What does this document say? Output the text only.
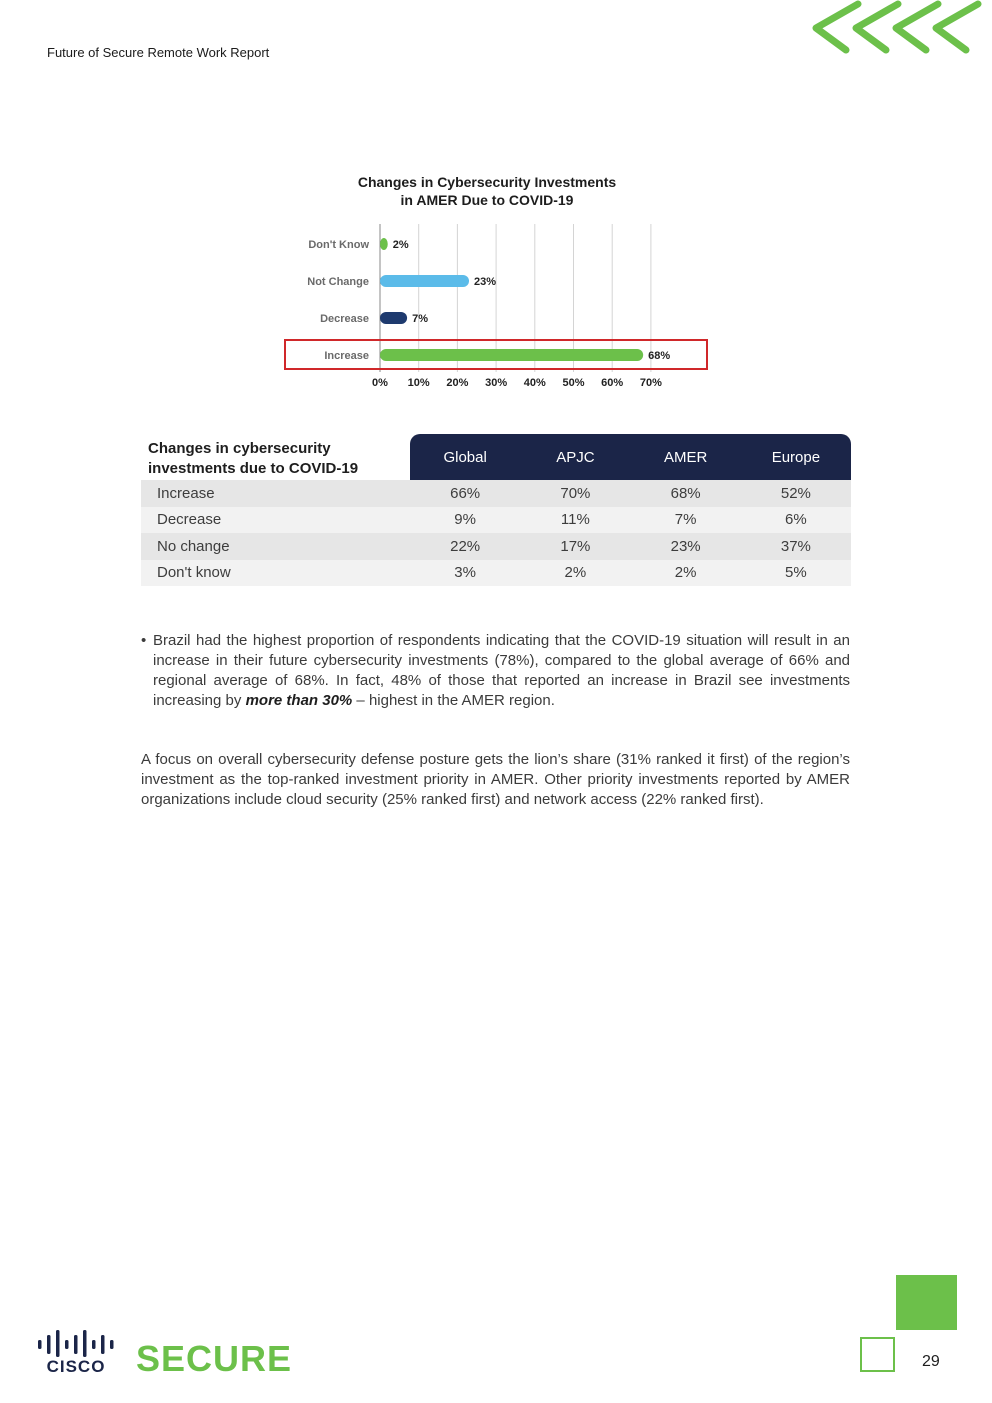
Future of Secure Remote Work Report
Changes in Cybersecurity Investments
in AMER Due to COVID-19
Don't Know 2%
Not Change	23%
Decrease	7%
Increase	68%
0% 10% 20% 30% 40% 50% 60% 70%
Changes in cybersecurity investments due to COVID-19
Global	APJC	AMER	Europe
Increase	66%	70%	68%	52%
Decrease	9%	11%	7%	6%
No change	22%	17%	23%	37%
Don't know	3%	2%	2%	5%
• Brazil had the highest proportion of respondents indicating that the COVID-19 situation will result in an increase in their future cybersecurity investments (78%), compared to the global average of 66% and regional average of 68%. In fact, 48% of those that reported an increase in Brazil see investments increasing by more than 30% – highest in the AMER region.

A focus on overall cybersecurity defense posture gets the lion’s share (31% ranked it first) of the region’s investment as the top-ranked investment priority in AMER. Other priority investments reported by AMER organizations include cloud security (25% ranked first) and network access (22% ranked first).
CISCO SECURE	29
